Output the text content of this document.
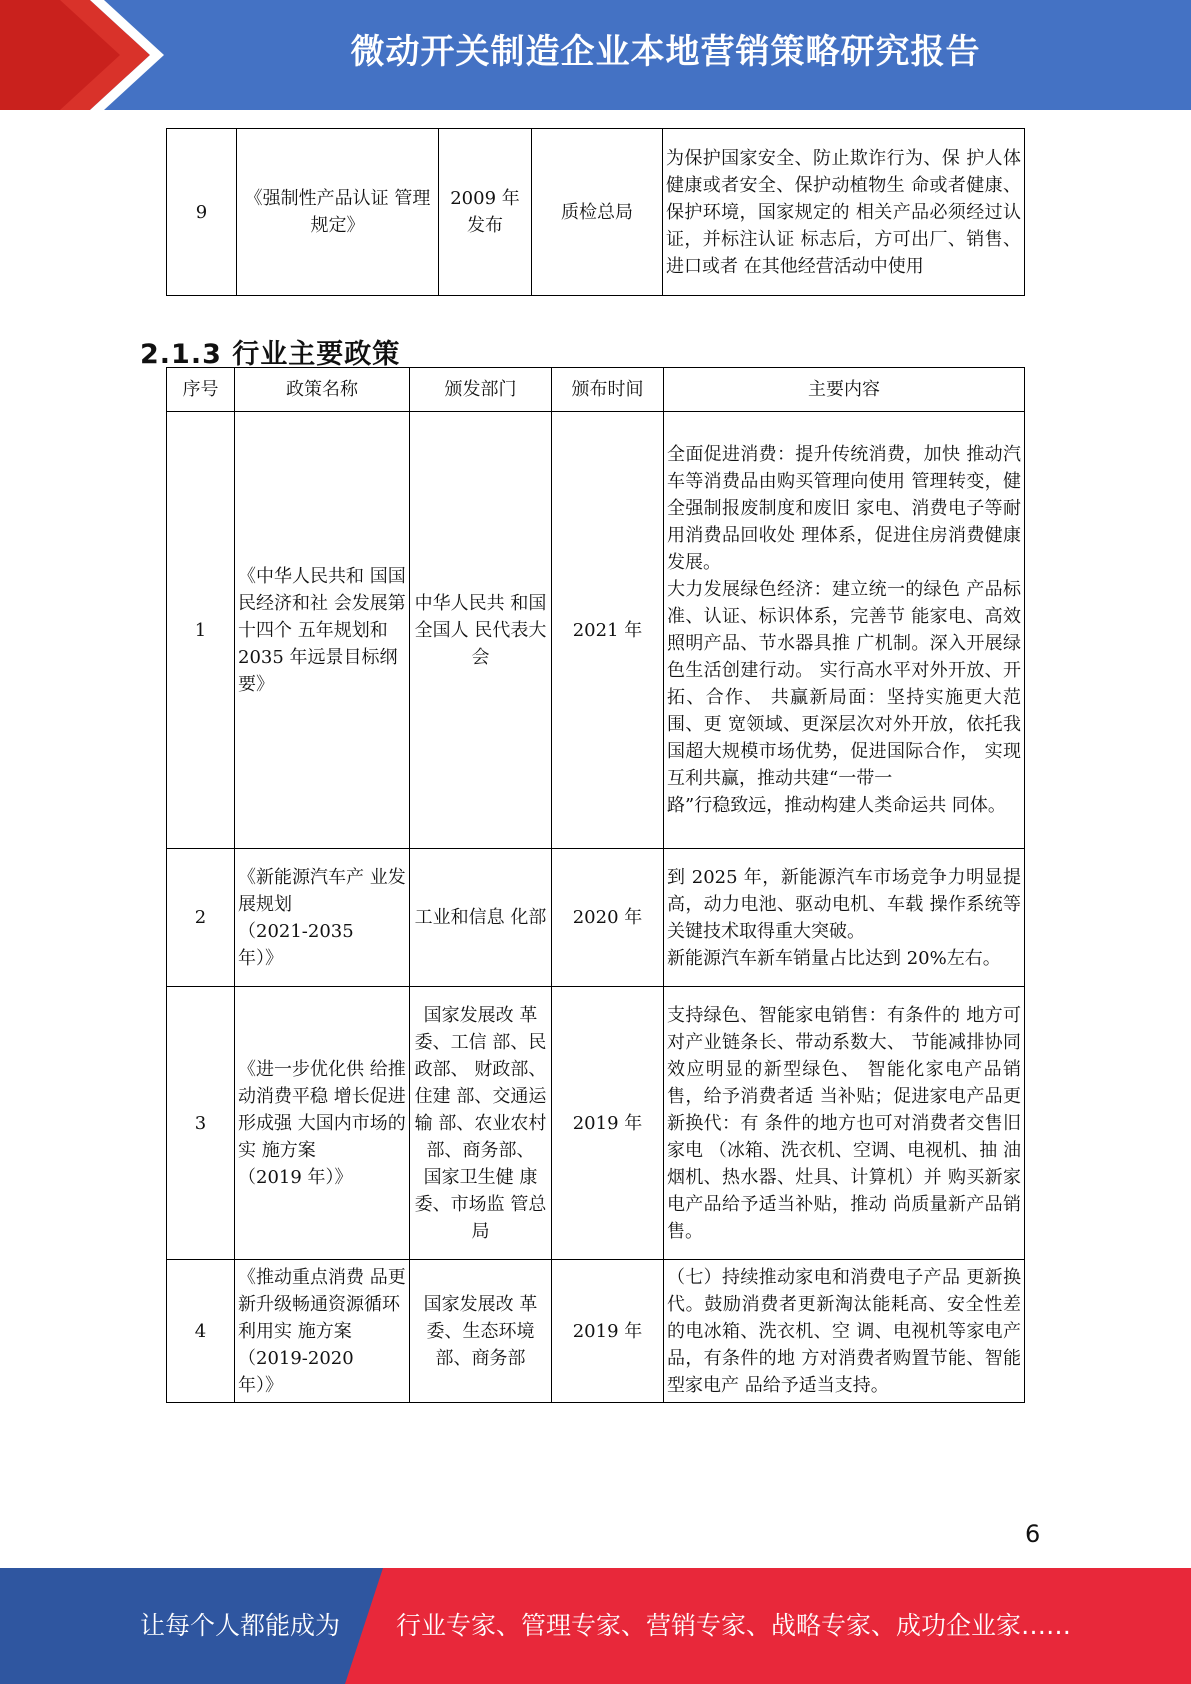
微动开关制造企业本地营销策略研究报告
9	《强制性产品认证 管理规定》	2009 年
发布	质检总局	为保护国家安全、防止欺诈行为、保 护人体健康或者安全、保护动植物生 命或者健康、保护环境，国家规定的 相关产品必须经过认证，并标注认证 标志后，方可出厂、销售、进口或者 在其他经营活动中使用
2.1.3 行业主要政策
序号	政策名称	颁发部门	颁布时间	主要内容
1	《中华人民共和 国国民经济和社 会发展第十四个 五年规划和 2035 年远景目标纲 要》	中华人民共 和国全国人 民代表大会	2021 年	全面促进消费：提升传统消费，加快 推动汽车等消费品由购买管理向使用 管理转变，健全强制报废制度和废旧 家电、消费电子等耐用消费品回收处 理体系，促进住房消费健康发展。
大力发展绿色经济：建立统一的绿色 产品标准、认证、标识体系，完善节 能家电、高效照明产品、节水器具推 广机制。深入开展绿色生活创建行动。 实行高水平对外开放、开拓、合作、 共赢新局面：坚持实施更大范围、更 宽领域、更深层次对外开放，依托我 国超大规模市场优势，促进国际合作， 实现互利共赢，推动共建“一带一
路”行稳致远，推动构建人类命运共 同体。
2	《新能源汽车产 业发展规划
（2021-2035
年）》	工业和信息 化部	2020 年	到 2025 年，新能源汽车市场竞争力明显提高，动力电池、驱动电机、车载 操作系统等关键技术取得重大突破。
新能源汽车新车销量占比达到 20%左右。
3	《进一步优化供 给推动消费平稳 增长促进形成强 大国内市场的实 施方案
（2019 年）》	国家发展改 革委、工信 部、民政部、 财政部、住建 部、交通运输 部、农业农村 部、商务部、
国家卫生健 康委、市场监 管总局	2019 年	支持绿色、智能家电销售：有条件的 地方可对产业链条长、带动系数大、 节能减排协同效应明显的新型绿色、 智能化家电产品销售，给予消费者适 当补贴；促进家电产品更新换代：有 条件的地方也可对消费者交售旧家电 （冰箱、洗衣机、空调、电视机、抽 油烟机、热水器、灶具、计算机）并 购买新家电产品给予适当补贴，推动 尚质量新产品销售。
4	《推动重点消费 品更新升级畅通资源循环利用实 施方案
（2019-2020
年）》	国家发展改 革委、生态环境部、商务部	2019 年	（七）持续推动家电和消费电子产品 更新换代。鼓励消费者更新淘汰能耗高、安全性差的电冰箱、洗衣机、空 调、电视机等家电产品，有条件的地 方对消费者购置节能、智能型家电产 品给予适当支持。
6
让每个人都能成为 行业专家、管理专家、营销专家、战略专家、成功企业家……
